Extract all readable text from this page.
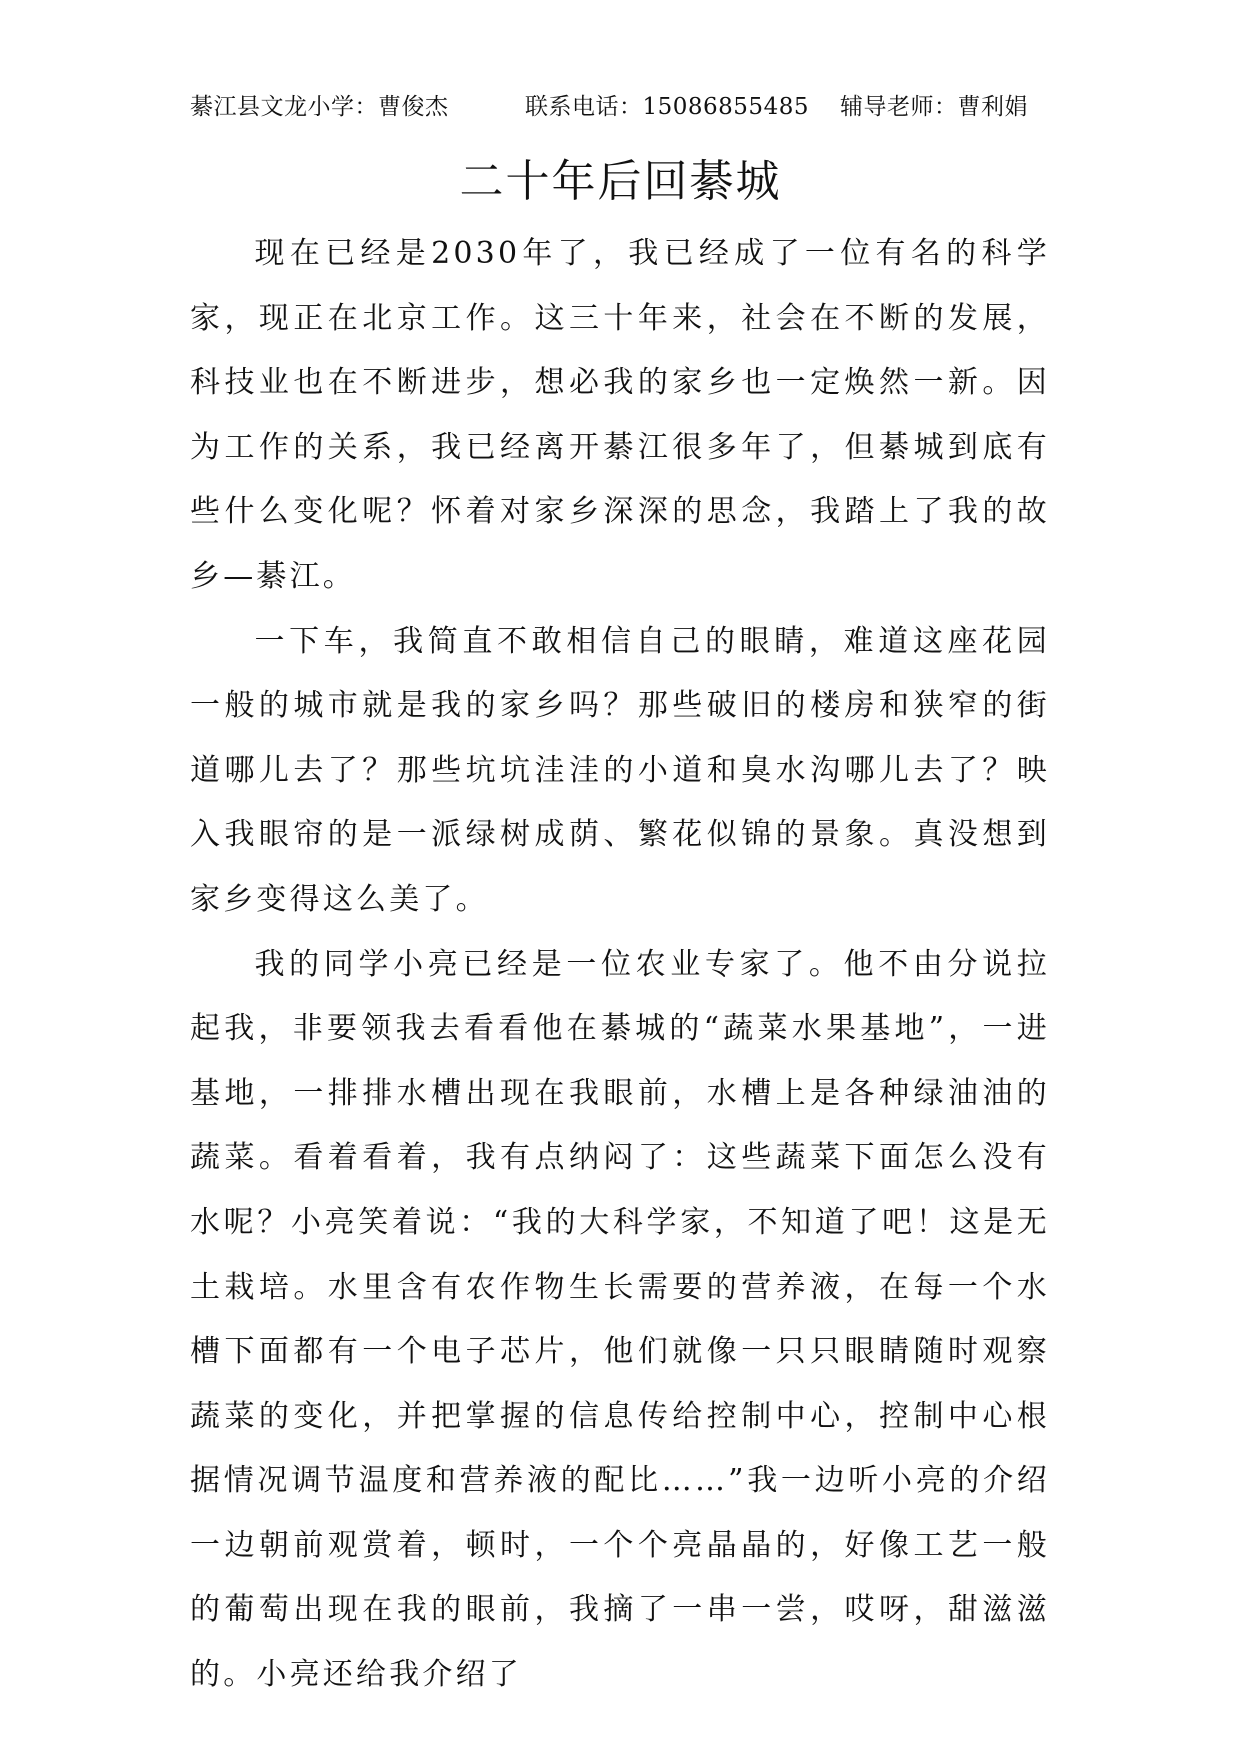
綦江县文龙小学：曹俊杰	联系电话：15086855485 辅导老师：曹利娟
二十年后回綦城

现在已经是2030年了，我已经成了一位有名的科学家，现正在北京工作。这三十年来，社会在不断的发展，科技业也在不断进步，想必我的家乡也一定焕然一新。因为工作的关系，我已经离开綦江很多年了，但綦城到底有些什么变化呢？怀着对家乡深深的思念，我踏上了我的故乡—綦江。

一下车，我简直不敢相信自己的眼睛，难道这座花园一般的城市就是我的家乡吗？那些破旧的楼房和狭窄的街道哪儿去了？那些坑坑洼洼的小道和臭水沟哪儿去了？映入我眼帘的是一派绿树成荫、繁花似锦的景象。真没想到家乡变得这么美了。

我的同学小亮已经是一位农业专家了。他不由分说拉起我，非要领我去看看他在綦城的“蔬菜水果基地”，一进基地，一排排水槽出现在我眼前，水槽上是各种绿油油的蔬菜。看着看着，我有点纳闷了：这些蔬菜下面怎么没有水呢？小亮笑着说：“我的大科学家，不知道了吧！这是无土栽培。水里含有农作物生长需要的营养液，在每一个水槽下面都有一个电子芯片，他们就像一只只眼睛随时观察蔬菜的变化，并把掌握的信息传给控制中心，控制中心根据情况调节温度和营养液的配比……”我一边听小亮的介绍一边朝前观赏着，顿时，一个个亮晶晶的，好像工艺一般的葡萄出现在我的眼前，我摘了一串一尝，哎呀，甜滋滋的。小亮还给我介绍了
